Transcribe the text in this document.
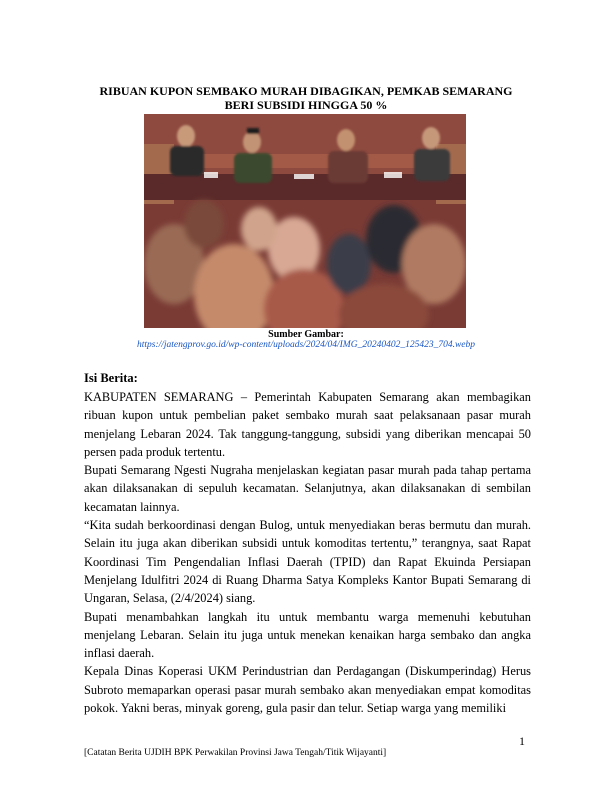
RIBUAN KUPON SEMBAKO MURAH DIBAGIKAN, PEMKAB SEMARANG
BERI SUBSIDI HINGGA 50 %
Sumber Gambar:
https://jatengprov.go.id/wp-content/uploads/2024/04/IMG_20240402_125423_704.webp

Isi Berita:

KABUPATEN SEMARANG – Pemerintah Kabupaten Semarang akan membagikan ribuan kupon untuk pembelian paket sembako murah saat pelaksanaan pasar murah menjelang Lebaran 2024. Tak tanggung-tanggung, subsidi yang diberikan mencapai 50 persen pada produk tertentu.

Bupati Semarang Ngesti Nugraha menjelaskan kegiatan pasar murah pada tahap pertama akan dilaksanakan di sepuluh kecamatan. Selanjutnya, akan dilaksanakan di sembilan kecamatan lainnya.

“Kita sudah berkoordinasi dengan Bulog, untuk menyediakan beras bermutu dan murah. Selain itu juga akan diberikan subsidi untuk komoditas tertentu,” terangnya, saat Rapat Koordinasi Tim Pengendalian Inflasi Daerah (TPID) dan Rapat Ekuinda Persiapan Menjelang Idulfitri 2024 di Ruang Dharma Satya Kompleks Kantor Bupati Semarang di Ungaran, Selasa, (2/4/2024) siang.

Bupati menambahkan langkah itu untuk membantu warga memenuhi kebutuhan menjelang Lebaran. Selain itu juga untuk menekan kenaikan harga sembako dan angka inflasi daerah.

Kepala Dinas Koperasi UKM Perindustrian dan Perdagangan (Diskumperindag) Herus Subroto memaparkan operasi pasar murah sembako akan menyediakan empat komoditas pokok. Yakni beras, minyak goreng, gula pasir dan telur. Setiap warga yang memiliki

1
[Catatan Berita UJDIH BPK Perwakilan Provinsi Jawa Tengah/Titik Wijayanti]
